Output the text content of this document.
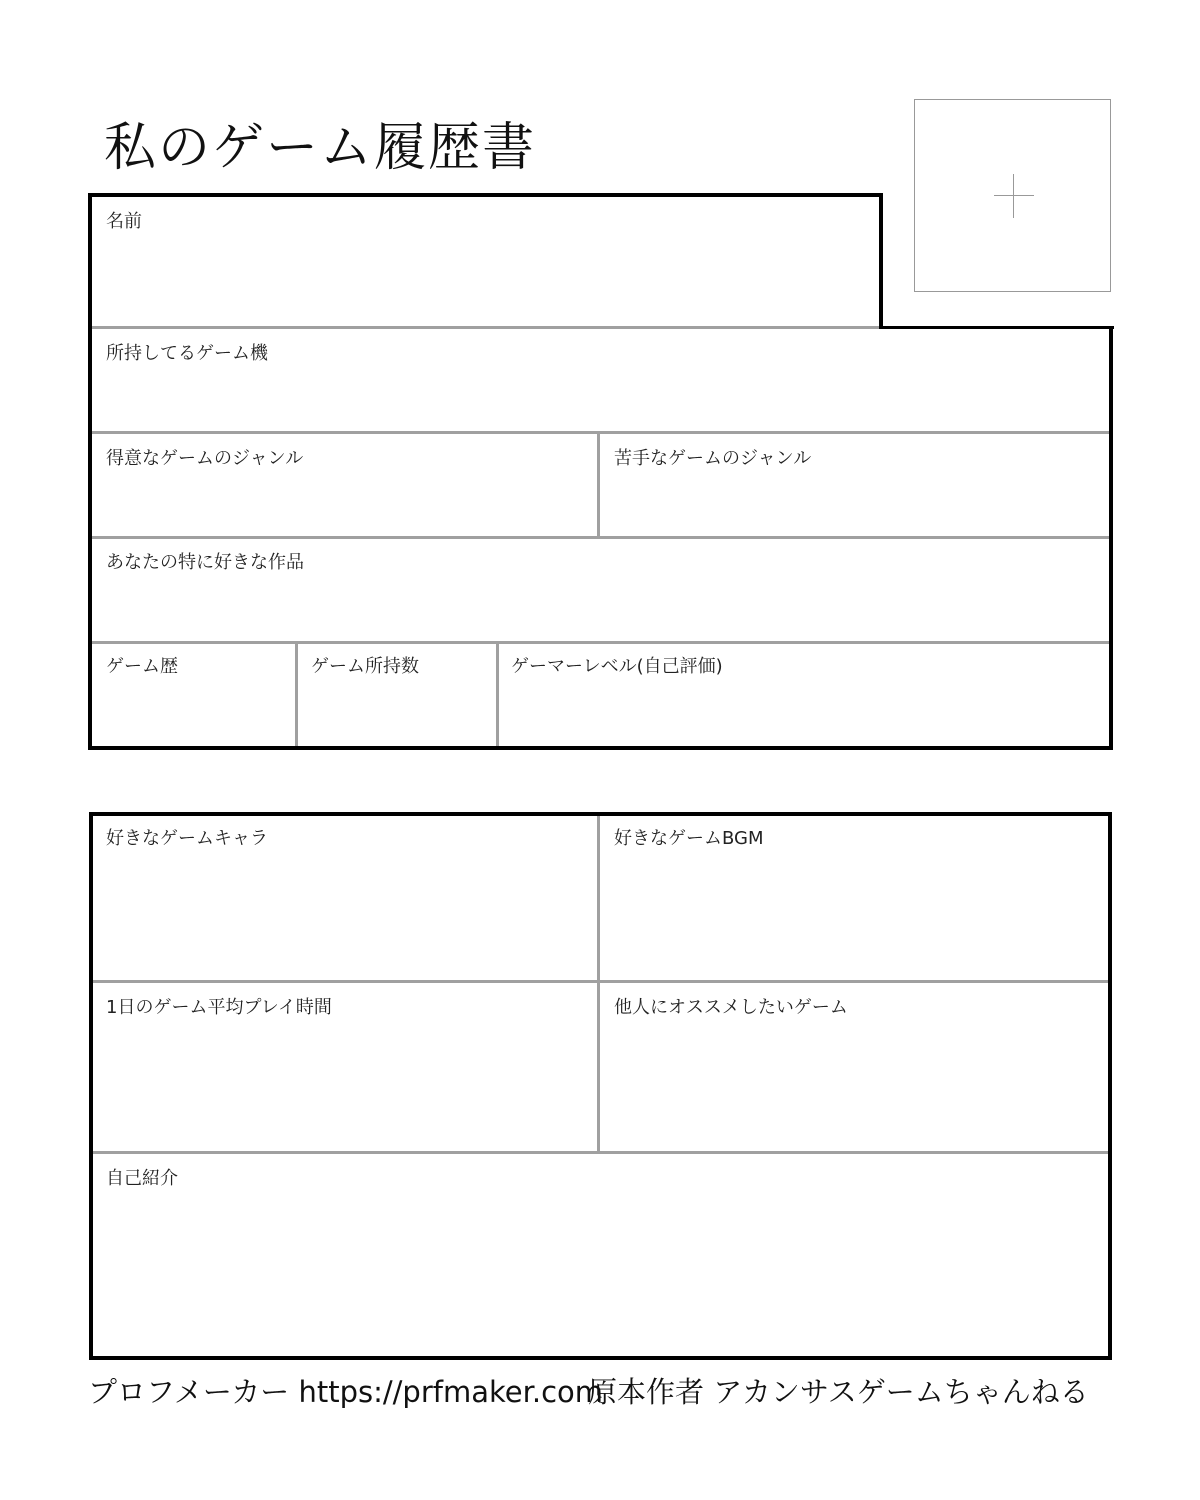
私のゲーム履歴書
名前
所持してるゲーム機
得意なゲームのジャンル	苦手なゲームのジャンル
あなたの特に好きな作品
ゲーム歴	ゲーム所持数	ゲーマーレベル(自己評価)
好きなゲームキャラ	好きなゲームBGM
1日のゲーム平均プレイ時間	他人にオススメしたいゲーム
自己紹介
プロフメーカー https://prfmaker.com
原本作者 アカンサスゲームちゃんねる
